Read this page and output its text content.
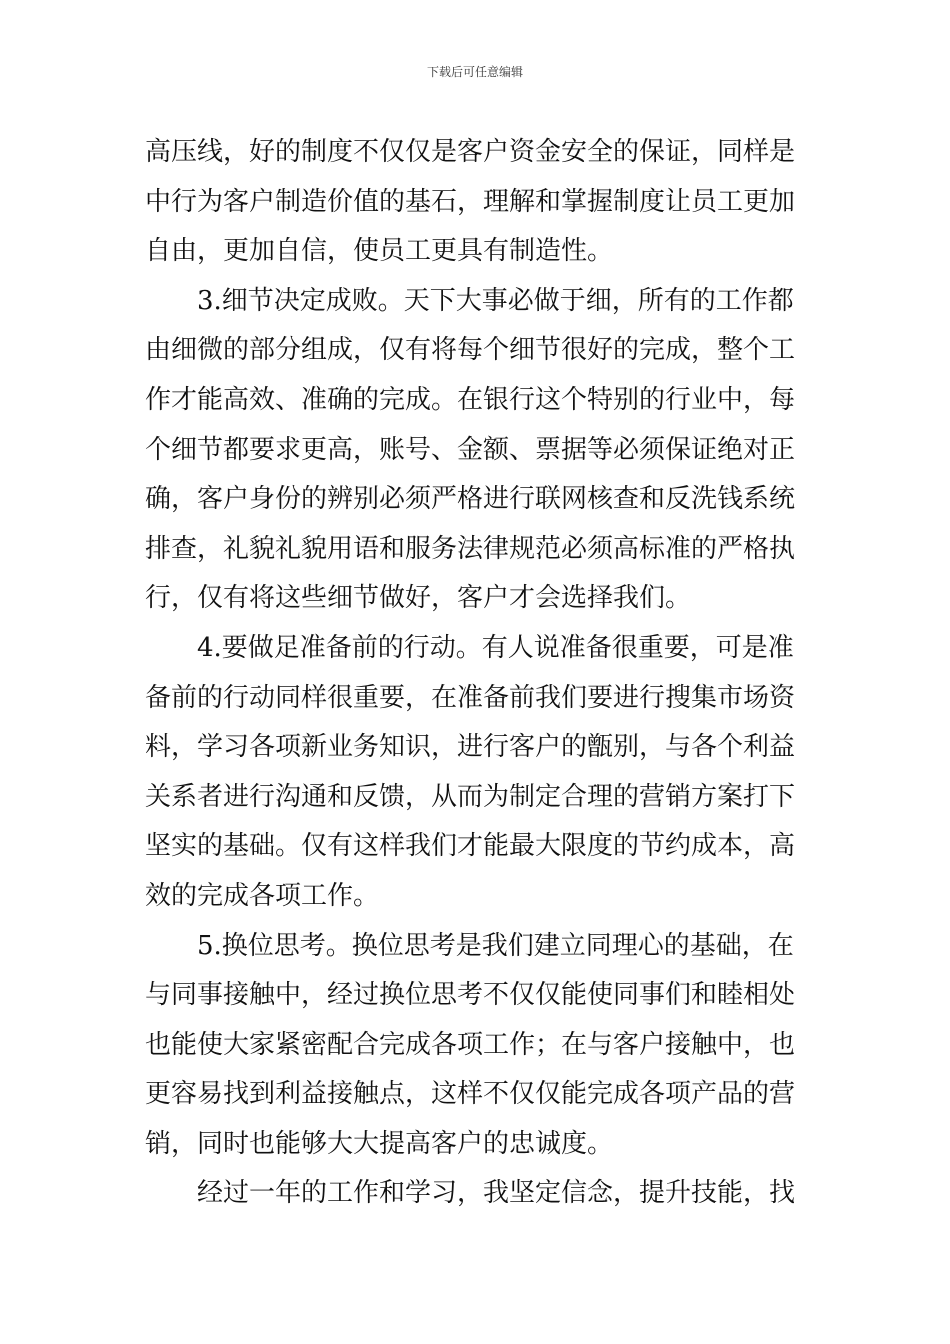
下载后可任意编辑
高压线，好的制度不仅仅是客户资金安全的保证，同样是
中行为客户制造价值的基石，理解和掌握制度让员工更加
自由，更加自信，使员工更具有制造性。
3.细节决定成败。天下大事必做于细，所有的工作都
由细微的部分组成，仅有将每个细节很好的完成，整个工
作才能高效、准确的完成。在银行这个特别的行业中，每
个细节都要求更高，账号、金额、票据等必须保证绝对正
确，客户身份的辨别必须严格进行联网核查和反洗钱系统
排查，礼貌礼貌用语和服务法律规范必须高标准的严格执
行，仅有将这些细节做好，客户才会选择我们。
4.要做足准备前的行动。有人说准备很重要，可是准
备前的行动同样很重要，在准备前我们要进行搜集市场资
料，学习各项新业务知识，进行客户的甑别，与各个利益
关系者进行沟通和反馈，从而为制定合理的营销方案打下
坚实的基础。仅有这样我们才能最大限度的节约成本，高
效的完成各项工作。
5.换位思考。换位思考是我们建立同理心的基础，在
与同事接触中，经过换位思考不仅仅能使同事们和睦相处
也能使大家紧密配合完成各项工作；在与客户接触中，也
更容易找到利益接触点，这样不仅仅能完成各项产品的营
销，同时也能够大大提高客户的忠诚度。
经过一年的工作和学习，我坚定信念，提升技能，找
